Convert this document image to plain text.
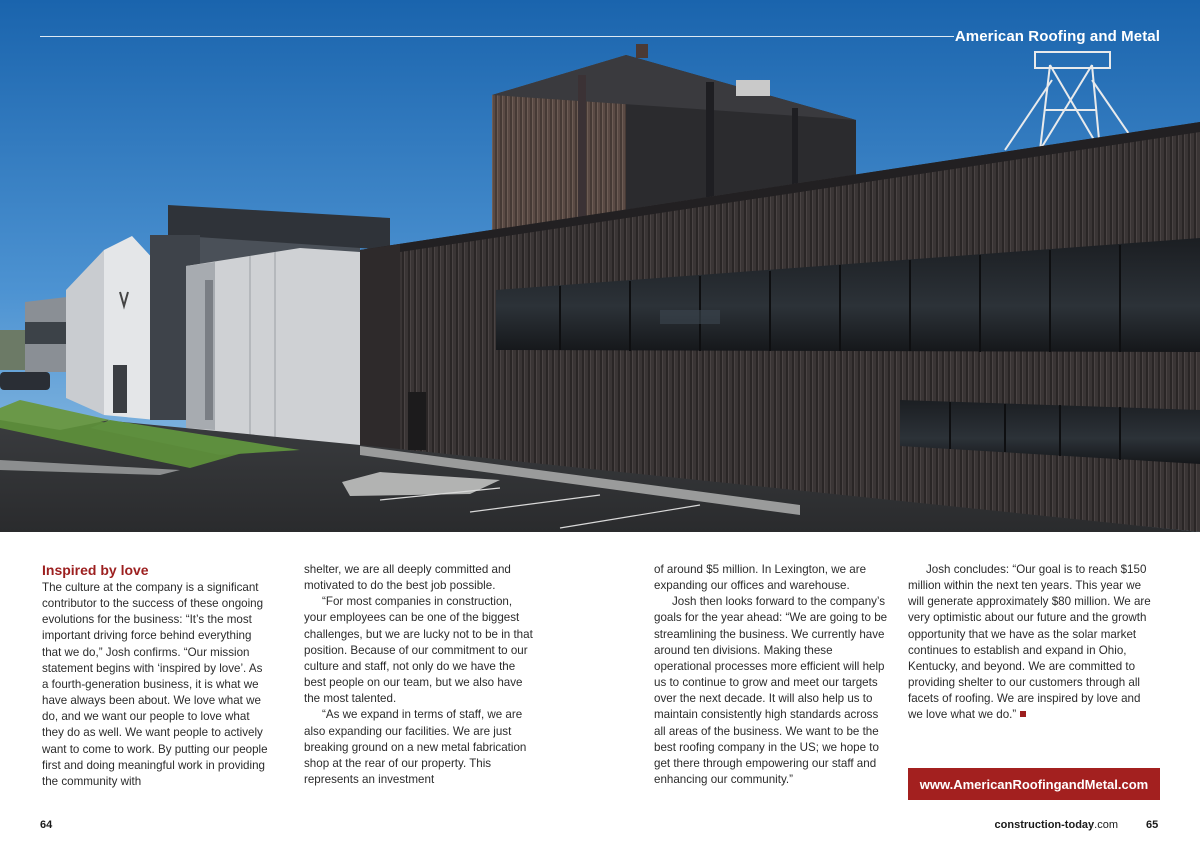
American Roofing and Metal
Inspired by love

The culture at the company is a significant contributor to the success of these ongoing evolutions for the business: “It’s the most important driving force behind everything that we do,” Josh confirms. “Our mission statement begins with ‘inspired by love’. As a fourth-generation business, it is what we have always been about. We love what we do, and we want our people to love what they do as well. We want people to actively want to come to work. By putting our people first and doing meaningful work in providing the community with

shelter, we are all deeply committed and motivated to do the best job possible.

“For most companies in construction, your employees can be one of the biggest challenges, but we are lucky not to be in that position. Because of our commitment to our culture and staff, not only do we have the best people on our team, but we also have the most talented.

“As we expand in terms of staff, we are also expanding our facilities. We are just breaking ground on a new metal fabrication shop at the rear of our property. This represents an investment

of around $5 million. In Lexington, we are expanding our offices and warehouse.

Josh then looks forward to the company’s goals for the year ahead: “We are going to be streamlining the business. We currently have around ten divisions. Making these operational processes more efficient will help us to continue to grow and meet our targets over the next decade. It will also help us to maintain consistently high standards across all areas of the business. We want to be the best roofing company in the US; we hope to get there through empowering our staff and enhancing our community.”

Josh concludes: “Our goal is to reach $150 million within the next ten years. This year we will generate approximately $80 million. We are very optimistic about our future and the growth opportunity that we have as the solar market continues to establish and expand in Ohio, Kentucky, and beyond. We are committed to providing shelter to our customers through all facets of roofing. We are inspired by love and we love what we do.”

www.AmericanRoofingandMetal.com
64	construction-today.com	65
